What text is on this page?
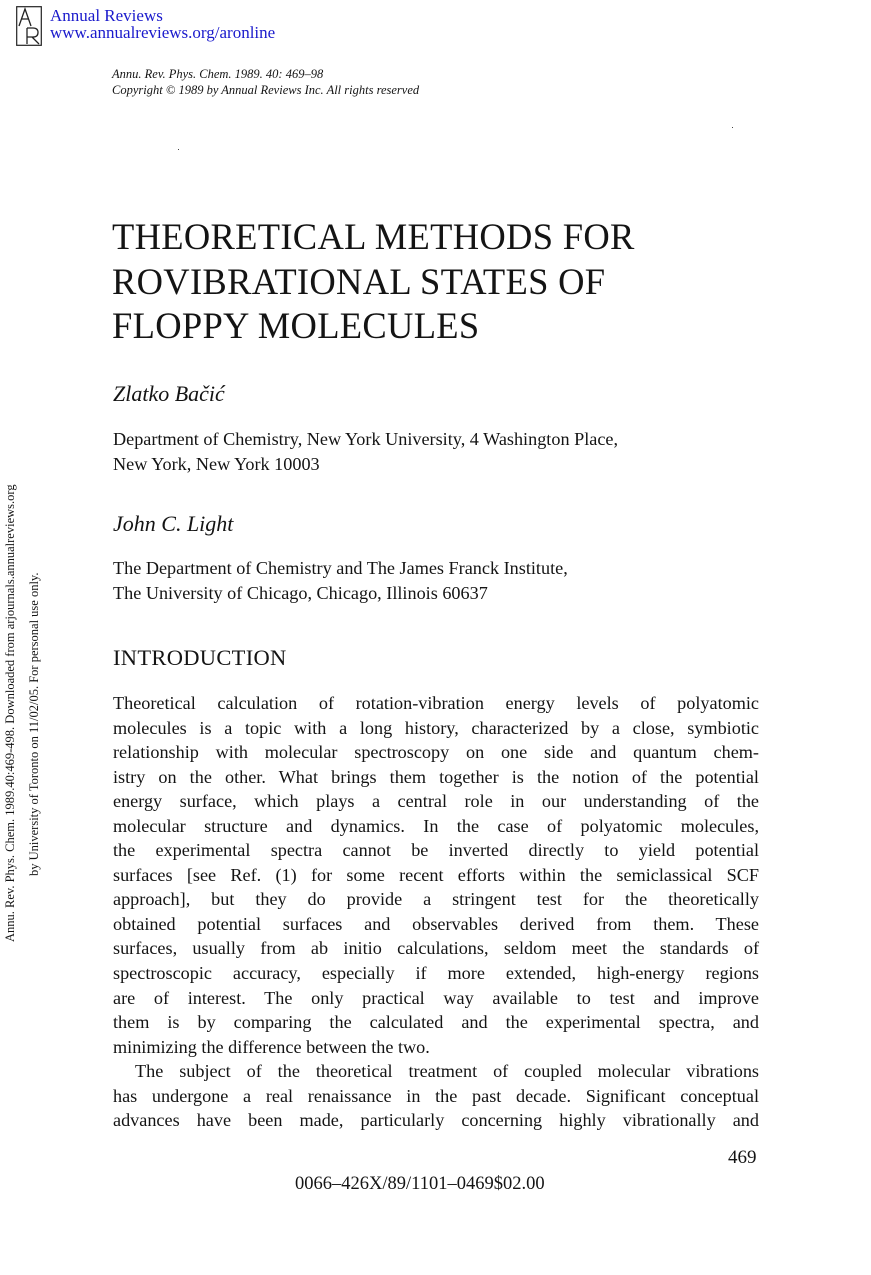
Annual Reviews
www.annualreviews.org/aronline
Annu. Rev. Phys. Chem. 1989. 40: 469–98
Copyright © 1989 by Annual Reviews Inc. All rights reserved
Annu. Rev. Phys. Chem. 1989.40:469-498. Downloaded from arjournals.annualreviews.org by University of Toronto on 11/02/05. For personal use only.
THEORETICAL METHODS FOR
ROVIBRATIONAL STATES OF
FLOPPY MOLECULES
Zlatko Bačić
Department of Chemistry, New York University, 4 Washington Place,
New York, New York 10003
John C. Light
The Department of Chemistry and The James Franck Institute,
The University of Chicago, Chicago, Illinois 60637
INTRODUCTION
Theoretical calculation of rotation-vibration energy levels of polyatomic
molecules is a topic with a long history, characterized by a close, symbiotic
relationship with molecular spectroscopy on one side and quantum chem-
istry on the other. What brings them together is the notion of the potential
energy surface, which plays a central role in our understanding of the
molecular structure and dynamics. In the case of polyatomic molecules,
the experimental spectra cannot be inverted directly to yield potential
surfaces [see Ref. (1) for some recent efforts within the semiclassical SCF
approach], but they do provide a stringent test for the theoretically
obtained potential surfaces and observables derived from them. These
surfaces, usually from ab initio calculations, seldom meet the standards of
spectroscopic accuracy, especially if more extended, high-energy regions
are of interest. The only practical way available to test and improve
them is by comparing the calculated and the experimental spectra, and
minimizing the difference between the two.
The subject of the theoretical treatment of coupled molecular vibrations
has undergone a real renaissance in the past decade. Significant conceptual
advances have been made, particularly concerning highly vibrationally and
469
0066–426X/89/1101–0469$02.00
